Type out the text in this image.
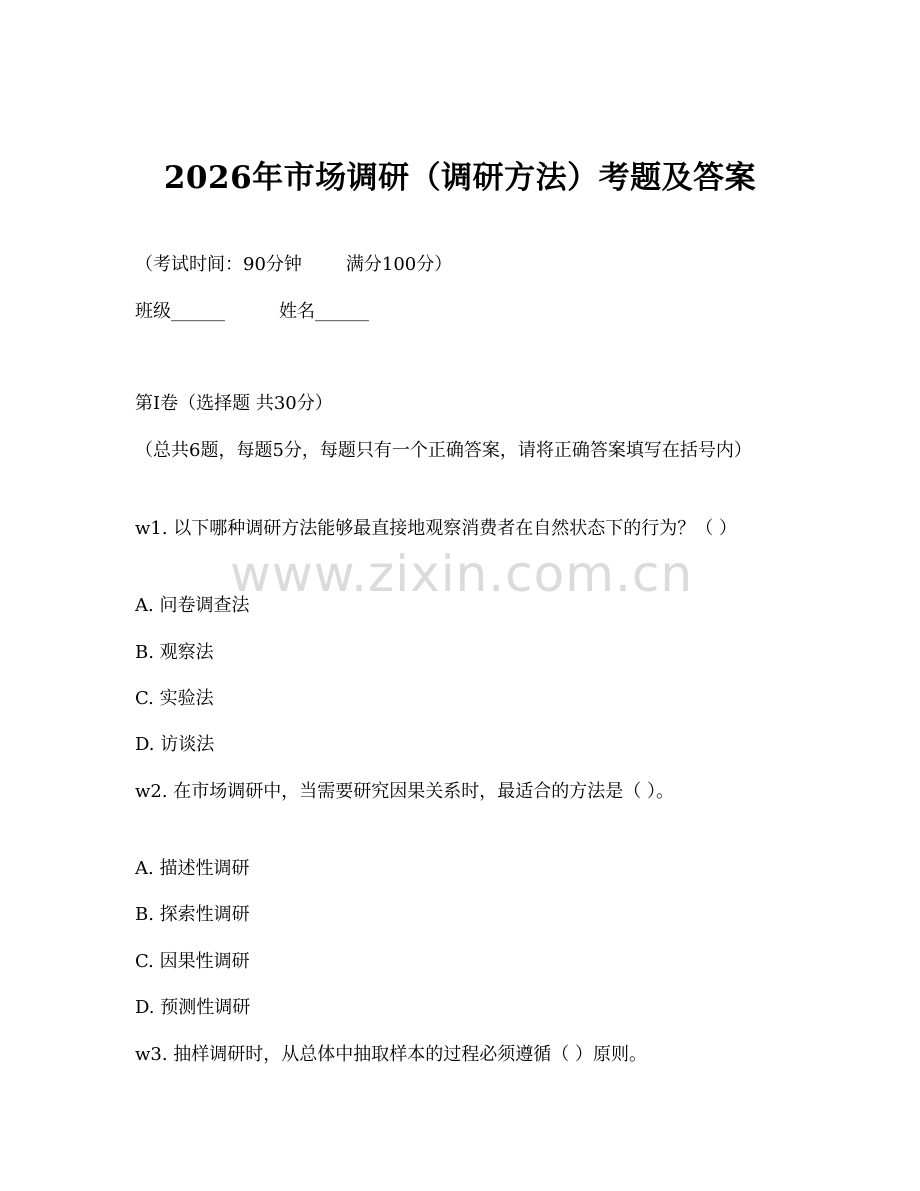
2026年市场调研（调研方法）考题及答案
（考试时间：90分钟 满分100分）
班级______	姓名______
第I卷（选择题 共30分）
（总共6题，每题5分，每题只有一个正确答案，请将正确答案填写在括号内）
w1. 以下哪种调研方法能够最直接地观察消费者在自然状态下的行为？（ ）
A. 问卷调查法
B. 观察法
C. 实验法
D. 访谈法
w2. 在市场调研中，当需要研究因果关系时，最适合的方法是（ ）。
A. 描述性调研
B. 探索性调研
C. 因果性调研
D. 预测性调研
w3. 抽样调研时，从总体中抽取样本的过程必须遵循（ ）原则。
www.zixin.com.cn
